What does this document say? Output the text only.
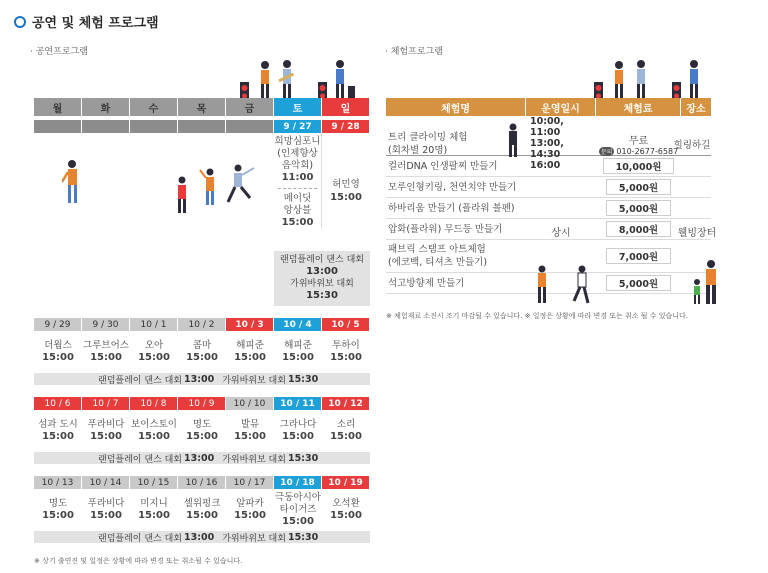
공연 및 체험 프로그램
· 공연프로그램
·	체험프로그램
월	화	수	목	금	토	일
9 / 27	9 / 28
희망심포니
(인제향상
음악회)
11:00
메이딧
앙상블
15:00
허민영
15:00
랜덤플레이 댄스 대회
13:00
가위바위보 대회
15:30
9 / 29	9 / 30	10 / 1	10 / 2	10 / 3	10 / 4	10 / 5
더웜스
15:00
그루브어스
15:00
오아
15:00
콤마
15:00
해피준
15:00
해피준
15:00
투하이
15:00
랜덤플레이 댄스 대회 13:00 가위바위보 대회 15:30
10 / 6	10 / 7	10 / 8	10 / 9	10 / 10	10 / 11	10 / 12
섬과 도시
15:00
푸라비다
15:00
보이스토이
15:00
명도
15:00
발뮤
15:00
그라나다
15:00
소리
15:00
랜덤플레이 댄스 대회 13:00 가위바위보 대회 15:30
10 / 13	10 / 14	10 / 15	10 / 16	10 / 17	10 / 18	10 / 19
명도
15:00
푸라비다
15:00
미지니
15:00
셀위펑크
15:00
알파카
15:00
극동아시아 타이거즈
15:00
오석환
15:00
랜덤플레이 댄스 대회 13:00 가위바위보 대회 15:30
※ 상기 출연진 및 일정은 상황에 따라 변경 또는 취소될 수 있습니다.
체험명	운영일시	체험료	장소
트리 클라이밍 체험
(회차별 20명)
10:00, 11:00
13:00, 14:30
16:00
무료
문의 010-2677-6587
힐링하길
컬러DNA 인생팔찌 만들기	10,000원
모루인형키링, 천연치약 만들기	5,000원
하바리움 만들기 (플라워 볼펜)	5,000원
압화(플라워) 무드등 만들기	8,000원
패브릭 스탬프 아트체험
(에코백, 티셔츠 만들기)	7,000원
석고방향제 만들기	5,000원
상시	웰빙장터
※ 체험재료 소진시 조기 마감될 수 있습니다. ※ 일정은 상황에 따라 변경 또는 취소 될 수 있습니다.
